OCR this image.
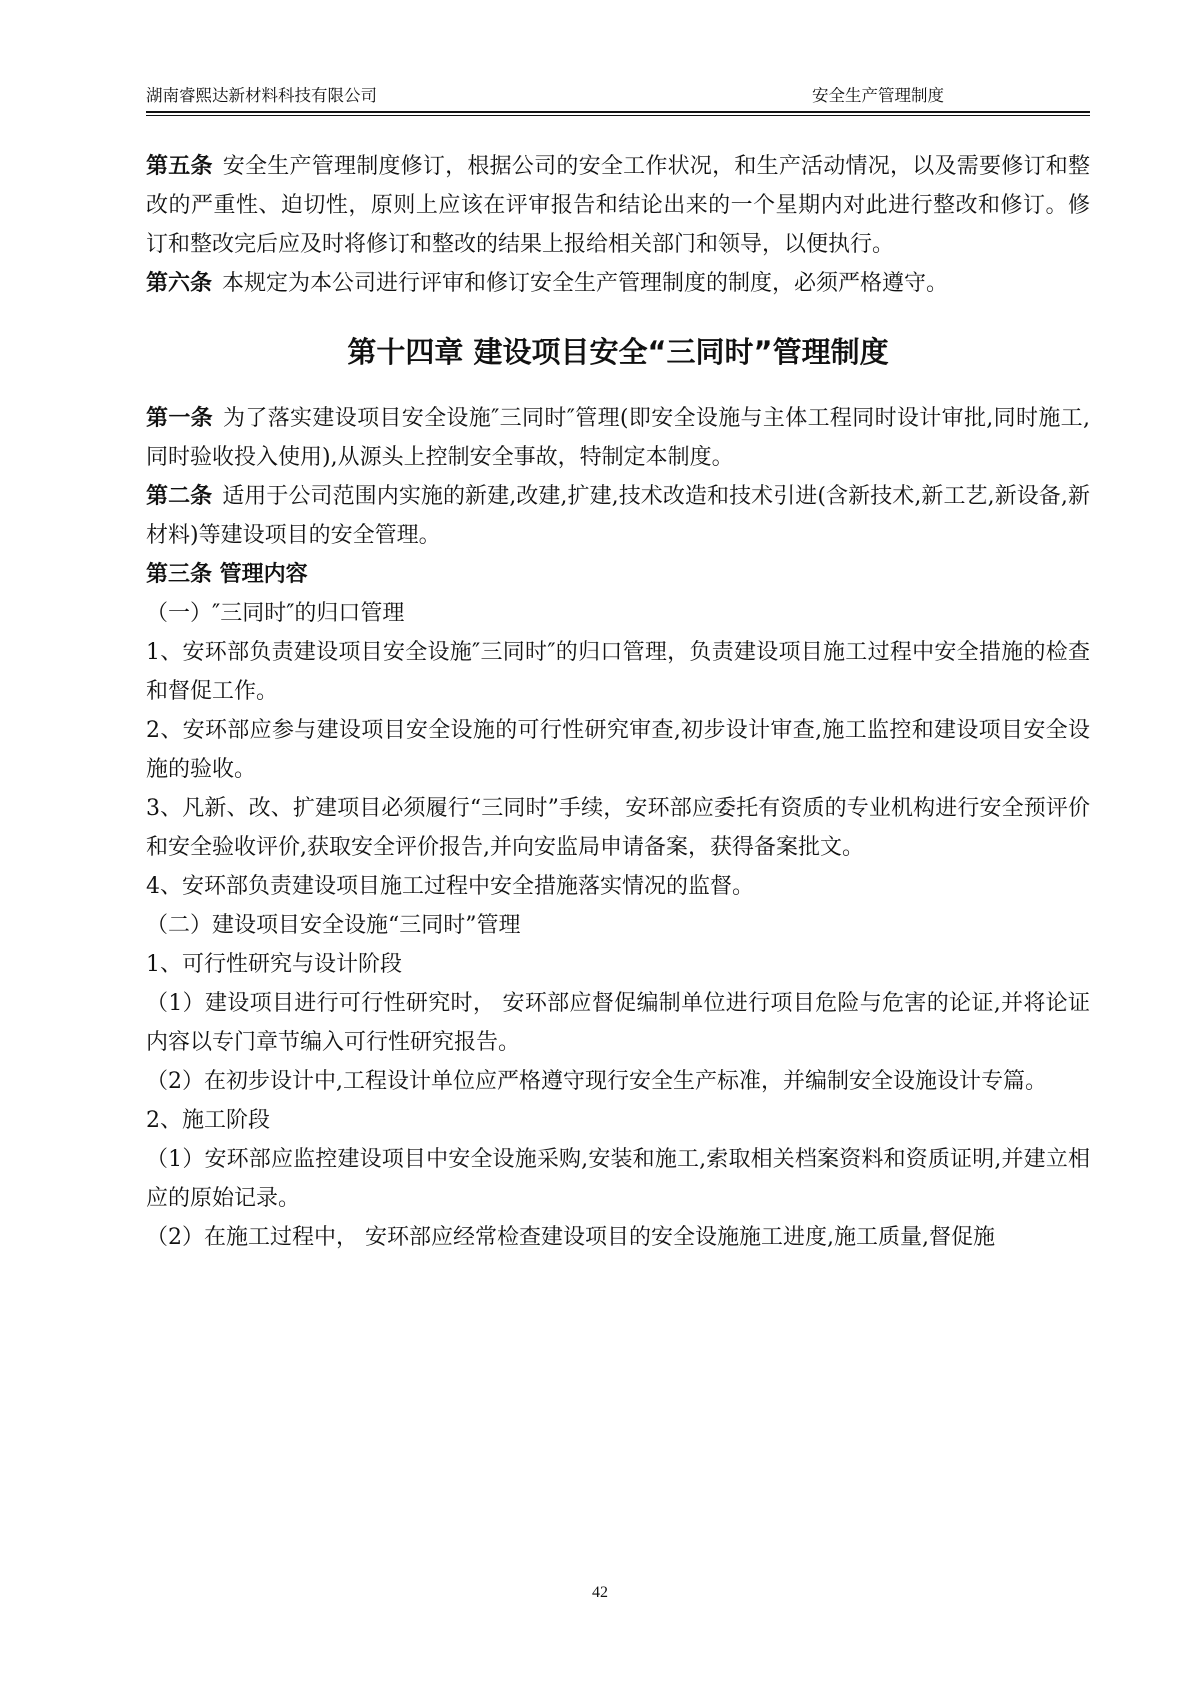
湖南睿熙达新材料科技有限公司	安全生产管理制度

第五条 安全生产管理制度修订，根据公司的安全工作状况，和生产活动情况，以及需要修订和整改的严重性、迫切性，原则上应该在评审报告和结论出来的一个星期内对此进行整改和修订。修订和整改完后应及时将修订和整改的结果上报给相关部门和领导，以便执行。

第六条 本规定为本公司进行评审和修订安全生产管理制度的制度，必须严格遵守。

第十四章 建设项目安全“三同时”管理制度

第一条 为了落实建设项目安全设施″三同时″管理(即安全设施与主体工程同时设计审批,同时施工,同时验收投入使用),从源头上控制安全事故，特制定本制度。

第二条 适用于公司范围内实施的新建,改建,扩建,技术改造和技术引进(含新技术,新工艺,新设备,新材料)等建设项目的安全管理。

第三条 管理内容

（一）″三同时″的归口管理

1、安环部负责建设项目安全设施″三同时″的归口管理，负责建设项目施工过程中安全措施的检查和督促工作。

2、安环部应参与建设项目安全设施的可行性研究审查,初步设计审查,施工监控和建设项目安全设施的验收。

3、凡新、改、扩建项目必须履行“三同时”手续，安环部应委托有资质的专业机构进行安全预评价和安全验收评价,获取安全评价报告,并向安监局申请备案，获得备案批文。

4、安环部负责建设项目施工过程中安全措施落实情况的监督。

（二）建设项目安全设施“三同时”管理

1、可行性研究与设计阶段

（1）建设项目进行可行性研究时， 安环部应督促编制单位进行项目危险与危害的论证,并将论证内容以专门章节编入可行性研究报告。

（2）在初步设计中,工程设计单位应严格遵守现行安全生产标准，并编制安全设施设计专篇。

2、施工阶段

（1）安环部应监控建设项目中安全设施采购,安装和施工,索取相关档案资料和资质证明,并建立相应的原始记录。

（2）在施工过程中， 安环部应经常检查建设项目的安全设施施工进度,施工质量,督促施

42
